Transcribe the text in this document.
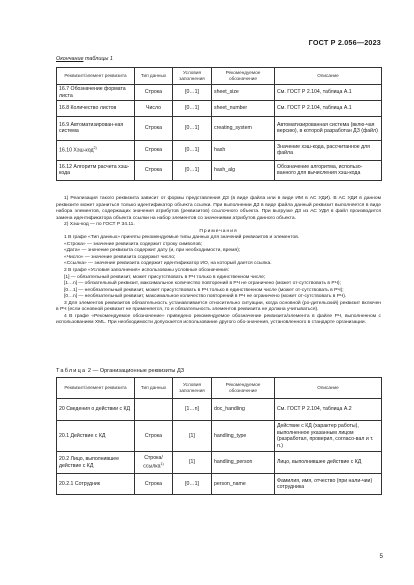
ГОСТ Р 2.056—2023
Окончание таблицы 1
Реквизит/элемент реквизита	Тип данных	Условия заполнения	Рекомендуемое обозначение	Описание
16.7 Обозначение формата листа	Строка	[0…1]	sheet_size	См. ГОСТ Р 2.104, таблица А.1
16.8 Количество листов	Число	[0…1]	sheet_number	См. ГОСТ Р 2.104, таблица А.1
16.9 Автоматизирован-ная система	Строка	[0…1]	creating_system	Автоматизированная система (вклю-чая версию), в которой разработан ДЗ (файл)
16.10 Хэш-код$^{2)}$	Строка	[0…1]	hash	Значение хэш-кода, рассчитанное для файла
16.12 Алгоритм расчета хэш-кода	Строка	[0…1]	hash_alg	Обозначение алгоритма, использо-ванного для вычисления хэш-кода

1) Реализация такого реквизита зависит от формы представления ДЗ (в виде файла или в виде ИМ в АС УДИ). В АС УДИ в данном реквизите может храниться только идентификатор объекта ссылки. При выполнении ДЗ в виде файла данный реквизит выполняется в виде набора элементов, содержащих значения атрибутов (реквизитов) ссылочного объекта. При выгрузке ДЗ из АС УДИ в файл производится замена идентификатора объекта ссылки на набор элементов со значениями атрибутов данного объекта.

2) Хэш-код — по ГОСТ Р 34.11.

Примечания

1 В графе «Тип данных» приняты рекомендуемые типы данных для значений реквизитов и элементов.

«Строка» — значение реквизита содержит строку символов;

«Дата» — значение реквизита содержит дату (и, при необходимости, время);

«Число» — значение реквизита содержит число;

«Ссылка» — значение реквизита содержит идентификатор ИО, на который дается ссылка.

2 В графе «Условия заполнения» использованы условные обозначения:

[1] — обязательный реквизит, может присутствовать в РЧ только в единственном числе;

[1…n] — обязательный реквизит, максимальное количество повторений в РЧ не ограничено (может от-сутствовать в РЧ);

[0…1] — необязательный реквизит, может присутствовать в РЧ только в единственном числе (может от-сутствовать в РЧ);

[0…n] — необязательный реквизит, максимальное количество повторений в РЧ не ограничено (может от-сутствовать в РЧ).

3 Для элементов реквизитов обязательность устанавливается относительно ситуации, когда основной (ро-дительский) реквизит включен в РЧ (если основной реквизит не применяется, то и обязательность элементов реквизита не должна учитываться).

4 В графе «Рекомендуемое обозначение» приведено рекомендуемое обозначение реквизита/элемента в файле РЧ, выполненном с использованием XML. При необходимости допускается использование другого обо-значения, установленного в стандарте организации.

Таблица 2 — Организационные реквизиты ДЗ
Реквизит/элемент реквизита	Тип данных	Условия заполнения	Рекомендуемое обозначение	Описание
20 Сведения о действии с КД		[1…n]	doc_handling	См. ГОСТ Р 2.104, таблица А.2
20.1 Действие с КД	Строка	[1]	handling_type	Действие с КД (характер работы), выполненное указанным лицом (разработал, проверил, согласо-вал и т. п.)
20.2 Лицо, выполнившее действие с КД	Строка/ ссылка$^{1)}$	[1]	handling_person	Лицо, выполнившее действие с КД
20.2.1 Сотрудник	Строка	[0…1]	person_name	Фамилия, имя, отчество (при нали-чии) сотрудника
5
